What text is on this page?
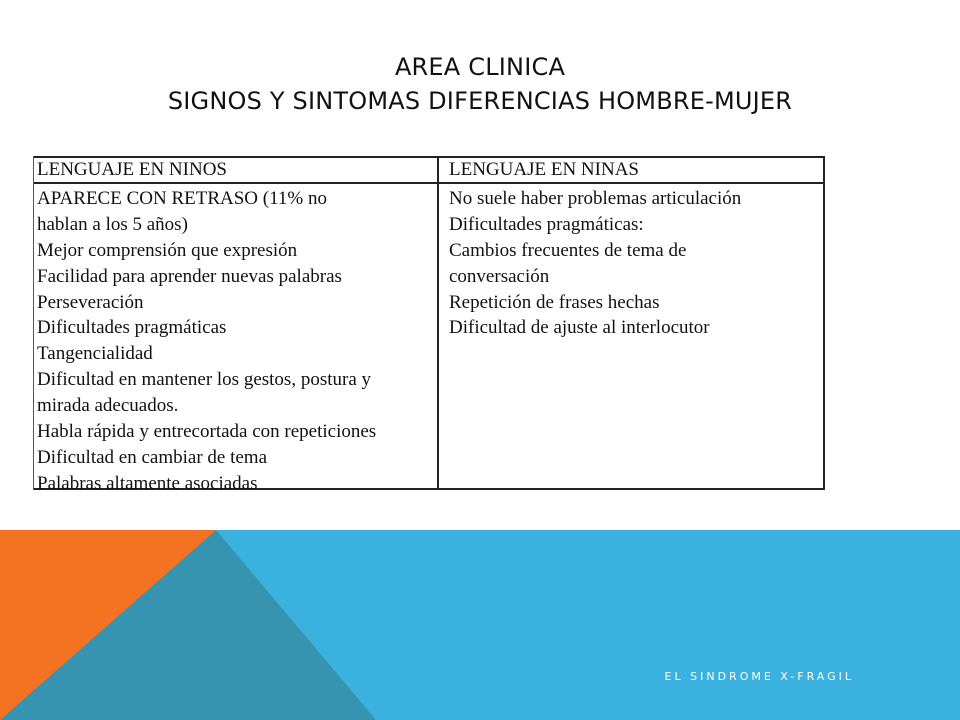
AREA CLINICA
SIGNOS Y SINTOMAS DIFERENCIAS HOMBRE-MUJER
LENGUAJE EN NINOS
APARECE CON RETRASO (11% no
hablan a los 5 años)
Mejor comprensión que expresión
Facilidad para aprender nuevas palabras
Perseveración
Dificultades pragmáticas
Tangencialidad
Dificultad en mantener los gestos, postura y
mirada adecuados.
Habla rápida y entrecortada con repeticiones
Dificultad en cambiar de tema
Palabras altamente asociadas
LENGUAJE EN NINAS
No suele haber problemas articulación
Dificultades pragmáticas:
Cambios frecuentes de tema de
conversación
Repetición de frases hechas
Dificultad de ajuste al interlocutor
EL SINDROME X-FRAGIL
